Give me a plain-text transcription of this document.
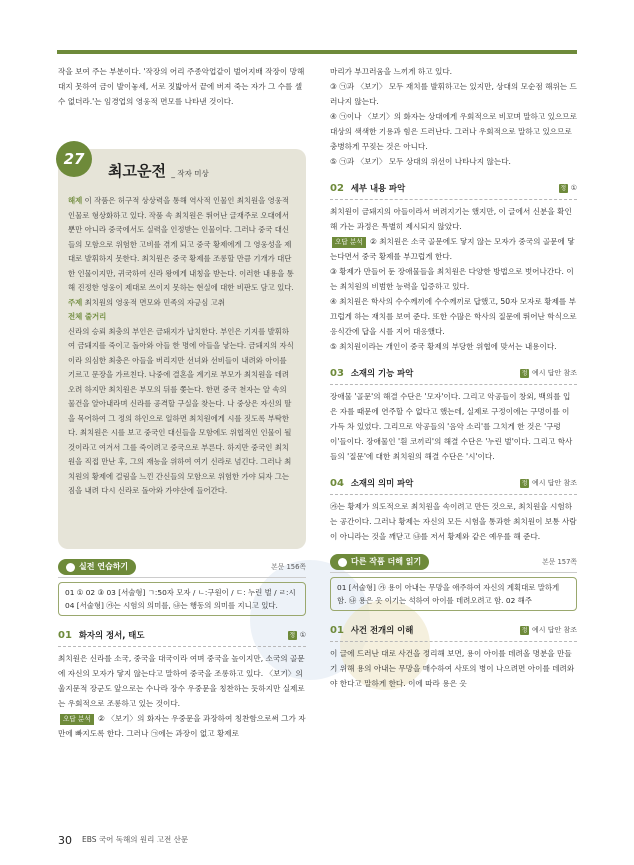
작을 보여 주는 부분이다. '작장의 어리 주종악업같이 벌어지배 작장이 망해 대지 못하여 금이 발이놓세, 서로 짓밟아서 끝에 버져 죽는 자가 그 수를 셀 수 없더라.'는 임경업의 영웅적 면모를 나타낸 것이다.

27
최고운전 _ 작자 미상

해제 이 작품은 허구적 상상력을 통해 역사적 인물인 최치원을 영웅적 인물로 형상화하고 있다. 작품 속 최치원은 뛰어난 글재주로 오대에서뿐만 아니라 중국에서도 실력을 인정받는 인물이다. 그러나 중국 대신들의 모함으로 위험한 고비를 겪게 되고 중국 황제에게 그 영웅성을 제대로 발휘하지 못한다. 최치원은 중국 황제를 조롱할 만큼 기개가 대단한 인물이지만, 귀국하여 신라 왕에게 내칭을 받는다. 이러한 내용을 통해 진정한 영웅이 제대로 쓰이지 못하는 현실에 대한 비판도 담고 있다.

주제 최치원의 영웅적 면모와 민족의 자긍심 고취

전체 줄거리

신라의 승뢰 최충의 부인은 금돼지가 납치한다. 부인은 기지를 발휘하여 금돼지를 죽이고 돌아와 아들 한 명에 아들을 낳는다. 금돼지의 자식이라 의심한 최충은 아들을 버리지만 선녀와 선비들이 내려와 아이를 기르고 문장을 가르친다. 나중에 결혼을 계기로 부모가 최치원을 데려오려 하지만 최치원은 부모의 뒤를 쫓는다. 한편 중국 천자는 알 속의 물건을 알아내라며 신라를 공격할 구실을 찾는다. 나 중상은 자신의 딸을 목어하여 그 정의 하인으로 일하면 최치원에게 시를 짓도록 부탁한다. 최치원은 시를 보고 중국인 대신들을 모함에도 위협적인 인물이 될 것이라고 여겨서 그를 죽이려고 중국으로 부른다. 하지만 중국인 최치원을 직접 만난 후, 그의 재능을 위하여 여기 신라로 넘긴다. 그러나 최치원의 황제에 걸림을 느낀 간신들의 모함으로 위험한 가야 되자 그는 짐을 내려 다시 신라로 돌아와 가야산에 들어간다.

실전 연습하기	본문 156쪽
01 ① 02 ③ 03 [서술형] ㄱ:50자 모자 / ㄴ:구원이 / ㄷ: 누린 벌 / ㄹ:시 04 [서술형] ㉮는 시험의 의미를, ㉯는 행동의 의미를 지니고 있다.
01 화자의 정서, 태도	정 ①

최치원은 신라를 소국, 중국을 대국이라 여며 중국을 높이지만, 소국의 골문에 자신의 모자가 닿지 않는다고 말하여 중국을 조롱하고 있다. 〈보기〉의 울지문적 장군도 앞으로는 수나라 장수 우중문을 칭찬하는 듯하지만 실제로는 우회적으로 조롱하고 있는 것이다.

오답 분석 ② 〈보기〉의 화자는 우중문을 과장하여 칭찬함으로써 그가 자만에 빠지도록 한다. 그러나 ㉠에는 과장이 없고 황제로

마리가 부끄러움을 느끼게 하고 있다.

③ ㉠과 〈보기〉 모두 재치를 발휘하고는 있지만, 상대의 모순점 해위는 드러나지 않는다.

④ ㉠이나 〈보기〉의 화자는 상대에게 우회적으로 비꼬며 말하고 있으므로 대상의 색색한 기용과 힘은 드러난다. 그러나 우회적으로 말하고 있으므로 충병하게 꾸짖는 것은 아니다.

⑤ ㉠과 〈보기〉 모두 상대의 위선이 나타나지 않는다.

02 세부 내용 파악	정 ①

최치원이 금돼지의 아들이라서 버려지기는 했지만, 이 글에서 신분을 확인해 가는 과정은 특별히 제시되지 않았다.

오답 분석 ② 최치원은 소국 골문에도 닿지 않는 모자가 중국의 골문에 닿는다면서 중국 황제를 부끄럽게 한다.

③ 황제가 만들어 둔 장애물들을 최치원은 다양한 방법으로 벗어나간다. 이는 최치원의 비범한 능력을 입증하고 있다.

④ 최치원은 학사의 수수께끼에 수수께끼로 답했고, 50자 모자로 황제를 부끄럽게 하는 재치를 보여 준다. 또한 수많은 학사의 질문에 뛰어난 학식으로 응식간에 답을 시를 지어 대응했다.

⑤ 최치원이라는 개인이 중국 황제의 부당한 위협에 맞서는 내용이다.

03 소재의 기능 파악	정 예시 답안 참조

장애물 '골문'의 해결 수단은 '모자'이다. 그리고 악공들이 창외, 백의를 입은 자를 때문에 연주할 수 없다고 했는데, 실제로 구정이에는 구멍이를 이 가득 차 있었다. 그리므로 악공들의 '음악 소리'를 그치게 한 것은 '구렁이'들이다. 장애물인 '흰 코끼리'의 해결 수단은 '누린 벌'이다. 그리고 학사들의 '질문'에 대한 최치원의 해결 수단은 '시'이다.

04 소재의 의미 파악	정 예시 답안 참조

㉮는 황제가 의도적으로 최치원을 속이려고 만든 것으로, 최치원을 시험하는 공간이다. 그러나 황제는 자신의 모든 시험을 통과한 최치원이 보통 사람이 아니라는 것을 깨닫고 ㉯를 저서 황제와 같은 예우를 해 준다.

다른 작품 더해 읽기	본문 157쪽
01 [서술형] ㉮ 용이 아내는 무망을 애주하여 자신의 계획대로 말하게 함. ㉯ 용은 옷 이기는 석하여 아이를 데려오려고 함. 02 해주
01 사건 전개의 이해	정 예시 답안 참조

이 글에 드러난 대로 사건을 정리해 보면, 용이 아이를 데려올 명분을 만들기 위해 용의 아내는 무망을 매수하여 사또의 병이 나으려면 아이를 데려와야 한다고 말하게 한다. 이에 따라 용은 옷

30 EBS 국어 독해의 원리 고전 산문
